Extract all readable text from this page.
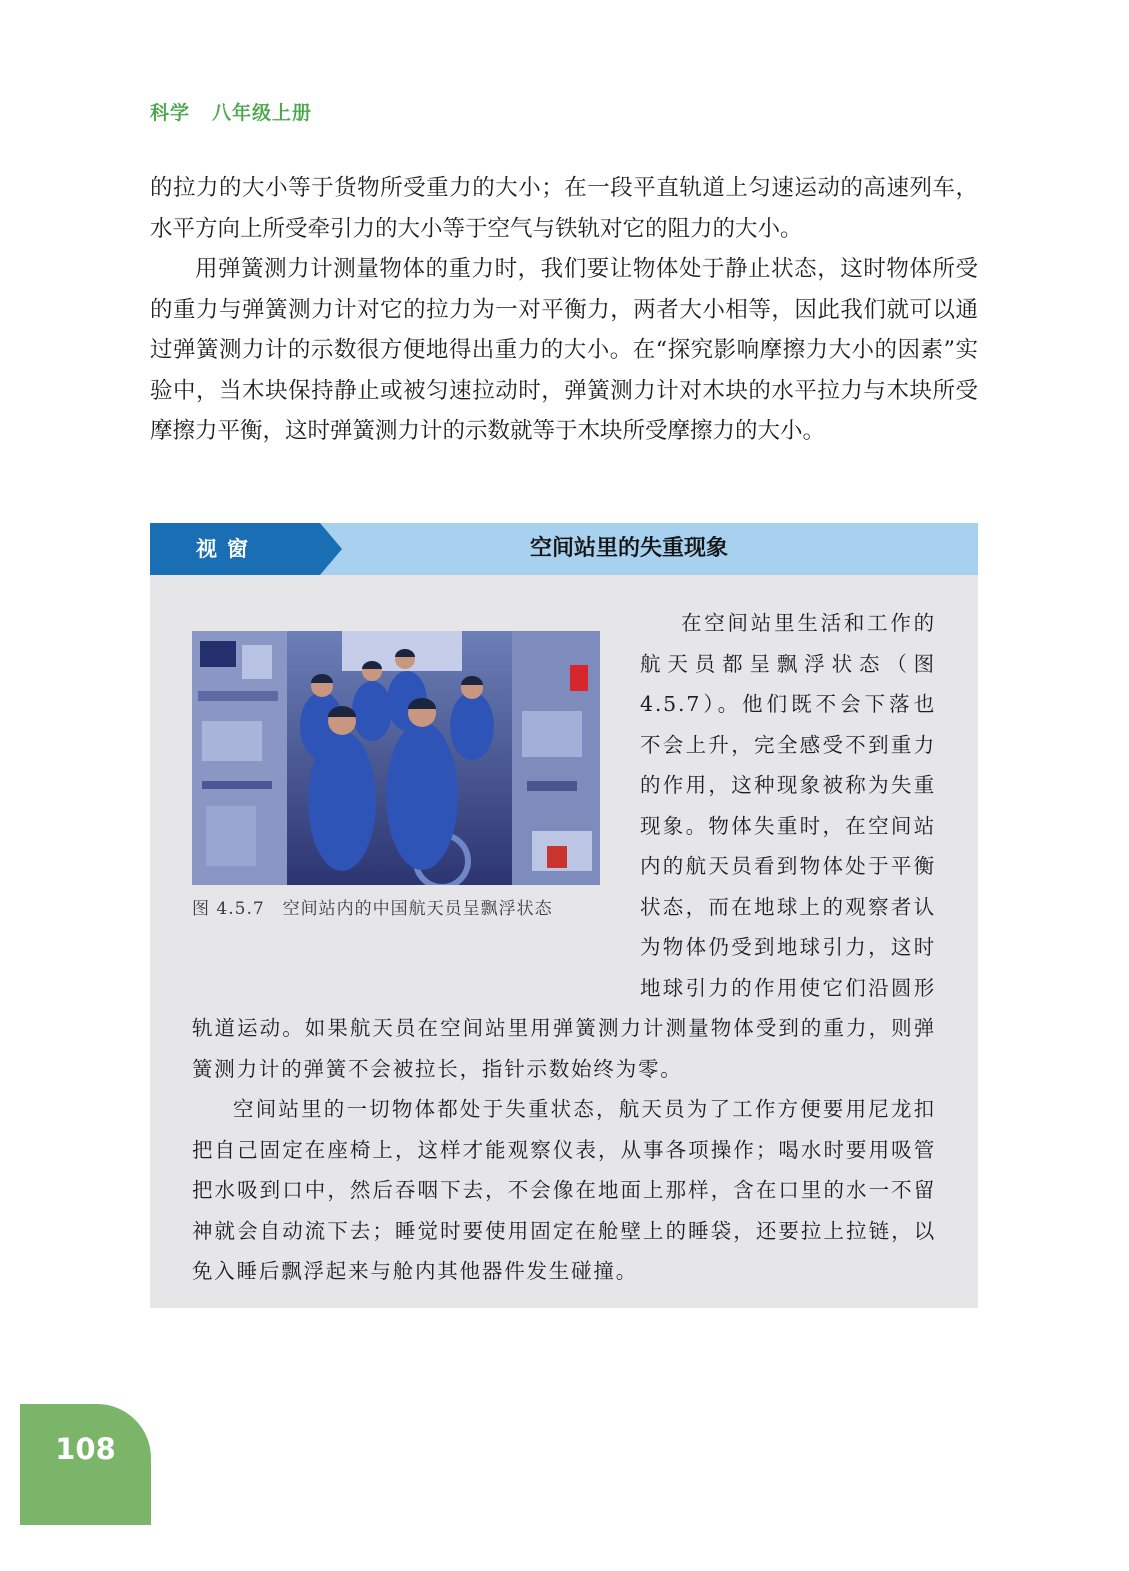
科学 八年级上册

的拉力的大小等于货物所受重力的大小；在一段平直轨道上匀速运动的高速列车，水平方向上所受牵引力的大小等于空气与铁轨对它的阻力的大小。

用弹簧测力计测量物体的重力时，我们要让物体处于静止状态，这时物体所受的重力与弹簧测力计对它的拉力为一对平衡力，两者大小相等，因此我们就可以通过弹簧测力计的示数很方便地得出重力的大小。在“探究影响摩擦力大小的因素”实验中，当木块保持静止或被匀速拉动时，弹簧测力计对木块的水平拉力与木块所受摩擦力平衡，这时弹簧测力计的示数就等于木块所受摩擦力的大小。

视窗	空间站里的失重现象
图 4.5.7　空间站内的中国航天员呈飘浮状态

在空间站里生活和工作的航天员都呈飘浮状态（图4.5.7）。他们既不会下落也不会上升，完全感受不到重力的作用，这种现象被称为失重现象。物体失重时，在空间站内的航天员看到物体处于平衡状态，而在地球上的观察者认为物体仍受到地球引力，这时地球引力的作用使它们沿圆形轨道运动。如果航天员在空间站里用弹簧测力计测量物体受到的重力，则弹簧测力计的弹簧不会被拉长，指针示数始终为零。

空间站里的一切物体都处于失重状态，航天员为了工作方便要用尼龙扣把自己固定在座椅上，这样才能观察仪表，从事各项操作；喝水时要用吸管把水吸到口中，然后吞咽下去，不会像在地面上那样，含在口里的水一不留神就会自动流下去；睡觉时要使用固定在舱壁上的睡袋，还要拉上拉链，以免入睡后飘浮起来与舱内其他器件发生碰撞。

108
